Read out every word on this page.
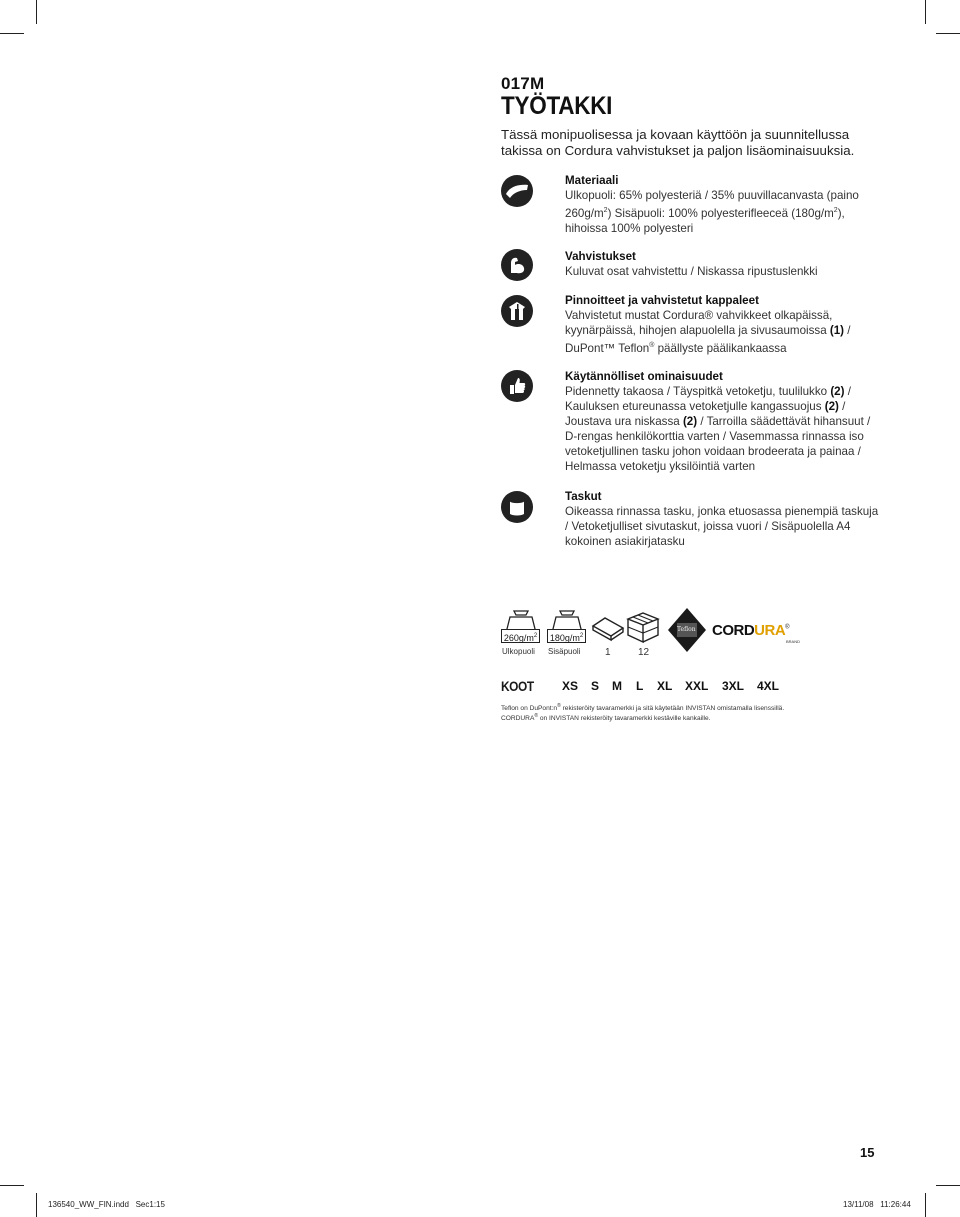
017M
TYÖTAKKI
Tässä monipuolisessa ja kovaan käyttöön ja suunnitellussa takissa on Cordura vahvistukset ja paljon lisäominaisuuksia.
Materiaali

Ulkopuoli: 65% polyesteriä / 35% puuvillacanvasta (paino

$260g/m^2$) Sisäpuoli: 100% polyesterifleeceä $(180g/m^2)$,

hihoissa 100% polyesteri

Vahvistukset

Kuluvat osat vahvistettu / Niskassa ripustuslenkki

Pinnoitteet ja vahvistetut kappaleet

Vahvistetut mustat Cordura® vahvikkeet olkapäissä,

kyynärpäissä, hihojen alapuolella ja sivusaumoissa (1) /

DuPont™ Teflon® päällyste päälikankaassa

Käytännölliset ominaisuudet

Pidennetty takaosa / Täyspitkä vetoketju, tuulilukko (2) /

Kauluksen etureunassa vetoketjulle kangassuojus (2) /

Joustava ura niskassa (2) / Tarroilla säädettävät hihansuut /

D-rengas henkilökorttia varten / Vasemmassa rinnassa iso

vetoketjullinen tasku johon voidaan brodeerata ja painaa /

Helmassa vetoketju yksilöintiä varten

Taskut

Oikeassa rinnassa tasku, jonka etuosassa pienempiä taskuja

/ Vetoketjulliset sivutaskut, joissa vuori / Sisäpuolella A4

kokoinen asiakirjatasku

$260g/m^2$
Ulkopuoli
$180g/m^2$
Sisäpuoli 1	12
Teflon CORDURA®
BRAND
KOOT XS S M L XL XXL 3XL 4XL
Teflon on DuPont:n® rekisteröity tavaramerkki ja sitä käytetään INVISTAN omistamalla lisenssillä.
CORDURA® on INVISTAN rekisteröity tavaramerkki kestäville kankaille.
15
136540_WW_FIN.indd   Sec1:15	13/11/08   11:26:44
